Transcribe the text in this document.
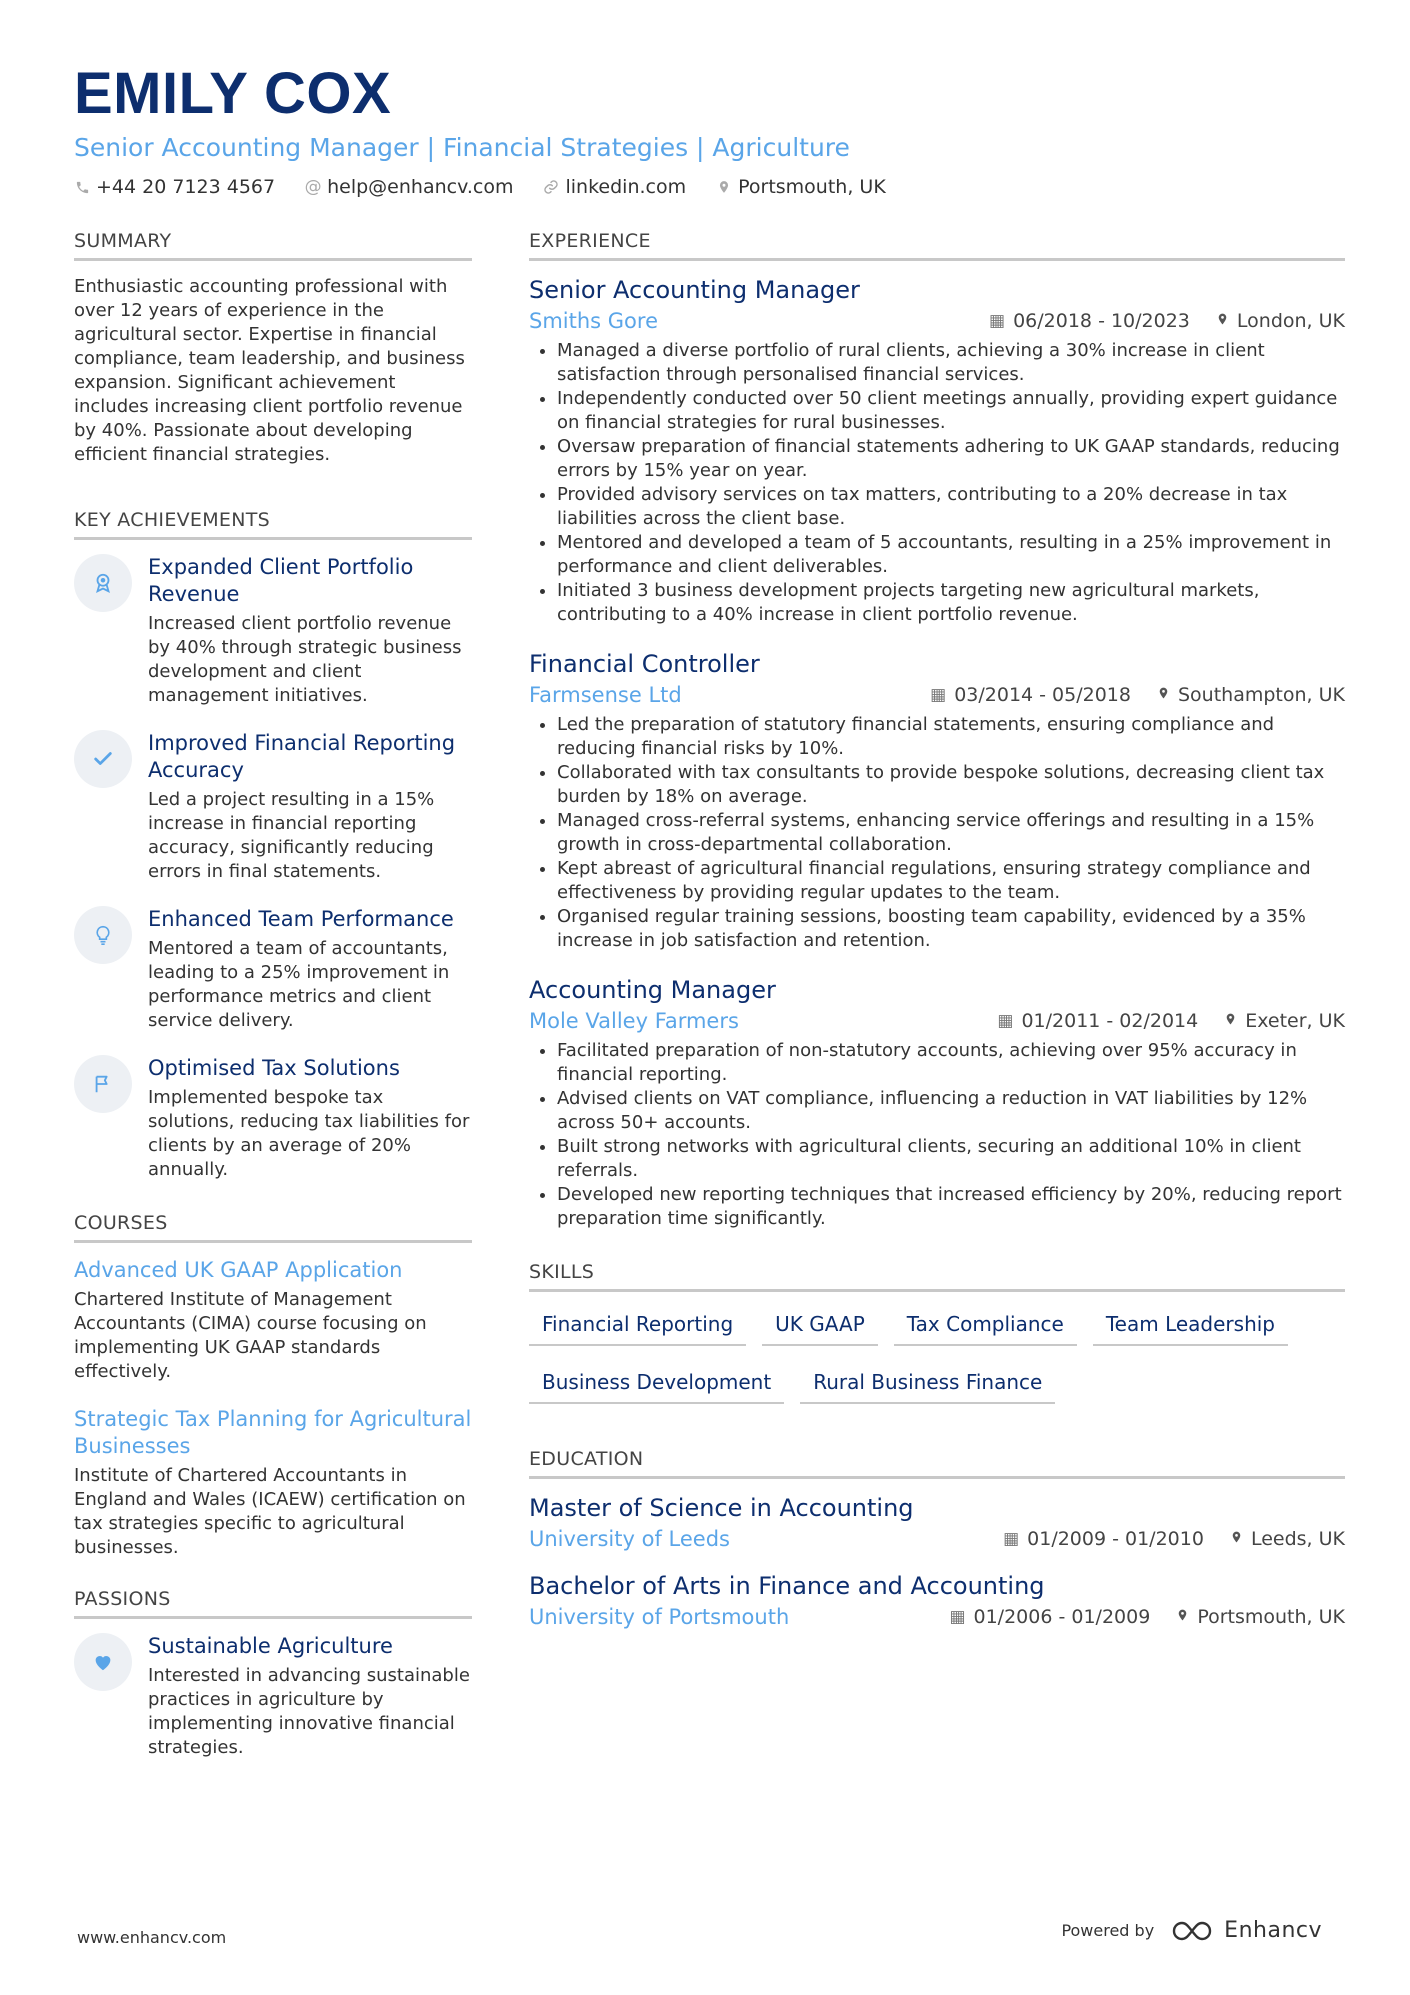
EMILY COX
Senior Accounting Manager | Financial Strategies | Agriculture
+44 20 7123 4567 @ help@enhancv.com	linkedin.com	Portsmouth, UK
SUMMARY

Enthusiastic accounting professional with over 12 years of experience in the agricultural sector. Expertise in financial compliance, team leadership, and business expansion. Significant achievement includes increasing client portfolio revenue by 40%. Passionate about developing efficient financial strategies.

KEY ACHIEVEMENTS
Expanded Client Portfolio Revenue
Increased client portfolio revenue by 40% through strategic business development and client management initiatives.
Improved Financial Reporting Accuracy
Led a project resulting in a 15% increase in financial reporting accuracy, significantly reducing errors in final statements.
Enhanced Team Performance
Mentored a team of accountants, leading to a 25% improvement in performance metrics and client service delivery.
Optimised Tax Solutions
Implemented bespoke tax solutions, reducing tax liabilities for clients by an average of 20% annually.
COURSES
Advanced UK GAAP Application
Chartered Institute of Management Accountants (CIMA) course focusing on implementing UK GAAP standards effectively.
Strategic Tax Planning for Agricultural Businesses
Institute of Chartered Accountants in England and Wales (ICAEW) certification on tax strategies specific to agricultural businesses.
PASSIONS
Sustainable Agriculture
Interested in advancing sustainable practices in agriculture by implementing innovative financial strategies.
EXPERIENCE
Senior Accounting Manager
Smiths Gore	▦ 06/2018 - 10/2023 London, UK
• Managed a diverse portfolio of rural clients, achieving a 30% increase in client satisfaction through personalised financial services.
• Independently conducted over 50 client meetings annually, providing expert guidance on financial strategies for rural businesses.
• Oversaw preparation of financial statements adhering to UK GAAP standards, reducing errors by 15% year on year.
• Provided advisory services on tax matters, contributing to a 20% decrease in tax liabilities across the client base.
• Mentored and developed a team of 5 accountants, resulting in a 25% improvement in performance and client deliverables.
• Initiated 3 business development projects targeting new agricultural markets, contributing to a 40% increase in client portfolio revenue.
Financial Controller
Farmsense Ltd	▦ 03/2014 - 05/2018 Southampton, UK
• Led the preparation of statutory financial statements, ensuring compliance and reducing financial risks by 10%.
• Collaborated with tax consultants to provide bespoke solutions, decreasing client tax burden by 18% on average.
• Managed cross-referral systems, enhancing service offerings and resulting in a 15% growth in cross-departmental collaboration.
• Kept abreast of agricultural financial regulations, ensuring strategy compliance and effectiveness by providing regular updates to the team.
• Organised regular training sessions, boosting team capability, evidenced by a 35% increase in job satisfaction and retention.
Accounting Manager
Mole Valley Farmers	▦ 01/2011 - 02/2014 Exeter, UK
• Facilitated preparation of non-statutory accounts, achieving over 95% accuracy in financial reporting.
• Advised clients on VAT compliance, influencing a reduction in VAT liabilities by 12% across 50+ accounts.
• Built strong networks with agricultural clients, securing an additional 10% in client referrals.
• Developed new reporting techniques that increased efficiency by 20%, reducing report preparation time significantly.
SKILLS
Financial Reporting	UK GAAP	Tax Compliance	Team Leadership
Business Development	Rural Business Finance
EDUCATION
Master of Science in Accounting
University of Leeds	▦ 01/2009 - 01/2010 Leeds, UK
Bachelor of Arts in Finance and Accounting
University of Portsmouth	▦ 01/2006 - 01/2009 Portsmouth, UK
www.enhancv.com	Powered by	Enhancv
